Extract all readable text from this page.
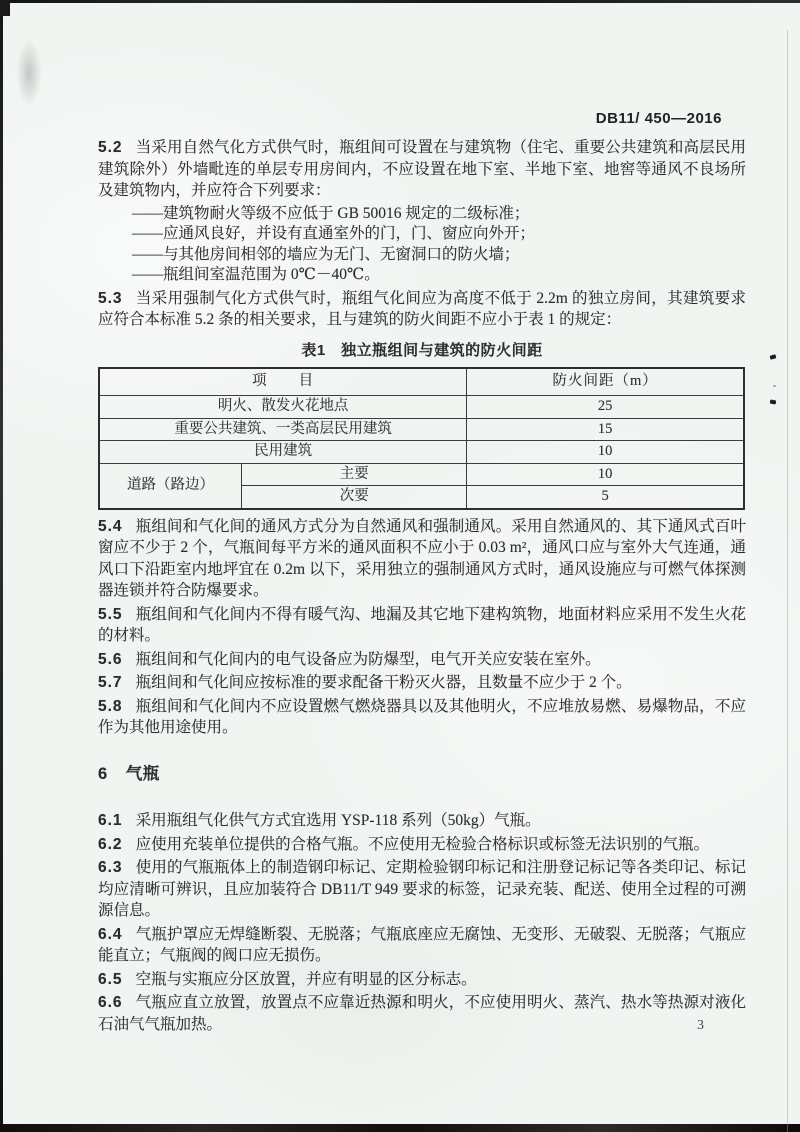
DB11/ 450—2016

5.2 当采用自然气化方式供气时，瓶组间可设置在与建筑物（住宅、重要公共建筑和高层民用建筑除外）外墙毗连的单层专用房间内，不应设置在地下室、半地下室、地窖等通风不良场所及建筑物内，并应符合下列要求：

——建筑物耐火等级不应低于 GB 50016 规定的二级标准；

——应通风良好，并设有直通室外的门，门、窗应向外开；

——与其他房间相邻的墙应为无门、无窗洞口的防火墙；

——瓶组间室温范围为 0℃－40℃。

5.3 当采用强制气化方式供气时，瓶组气化间应为高度不低于 2.2m 的独立房间，其建筑要求应符合本标准 5.2 条的相关要求，且与建筑的防火间距不应小于表 1 的规定：

表1　独立瓶组间与建筑的防火间距
项　　目		防火间距（m）
明火、散发火花地点		25
重要公共建筑、一类高层民用建筑		15
民用建筑		10
道路（路边）	主要	10
	次要	5

5.4 瓶组间和气化间的通风方式分为自然通风和强制通风。采用自然通风的、其下通风式百叶窗应不少于 2 个，气瓶间每平方米的通风面积不应小于 0.03 m²，通风口应与室外大气连通，通风口下沿距室内地坪宜在 0.2m 以下，采用独立的强制通风方式时，通风设施应与可燃气体探测器连锁并符合防爆要求。

5.5 瓶组间和气化间内不得有暖气沟、地漏及其它地下建构筑物，地面材料应采用不发生火花的材料。

5.6 瓶组间和气化间内的电气设备应为防爆型，电气开关应安装在室外。

5.7 瓶组间和气化间应按标准的要求配备干粉灭火器，且数量不应少于 2 个。

5.8 瓶组间和气化间内不应设置燃气燃烧器具以及其他明火，不应堆放易燃、易爆物品，不应作为其他用途使用。

6 气瓶

6.1 采用瓶组气化供气方式宜选用 YSP-118 系列（50kg）气瓶。

6.2 应使用充装单位提供的合格气瓶。不应使用无检验合格标识或标签无法识别的气瓶。

6.3 使用的气瓶瓶体上的制造钢印标记、定期检验钢印标记和注册登记标记等各类印记、标记均应清晰可辨识，且应加装符合 DB11/T 949 要求的标签，记录充装、配送、使用全过程的可溯源信息。

6.4 气瓶护罩应无焊缝断裂、无脱落；气瓶底座应无腐蚀、无变形、无破裂、无脱落；气瓶应能直立；气瓶阀的阀口应无损伤。

6.5 空瓶与实瓶应分区放置，并应有明显的区分标志。

6.6 气瓶应直立放置，放置点不应靠近热源和明火，不应使用明火、蒸汽、热水等热源对液化石油气气瓶加热。	3
